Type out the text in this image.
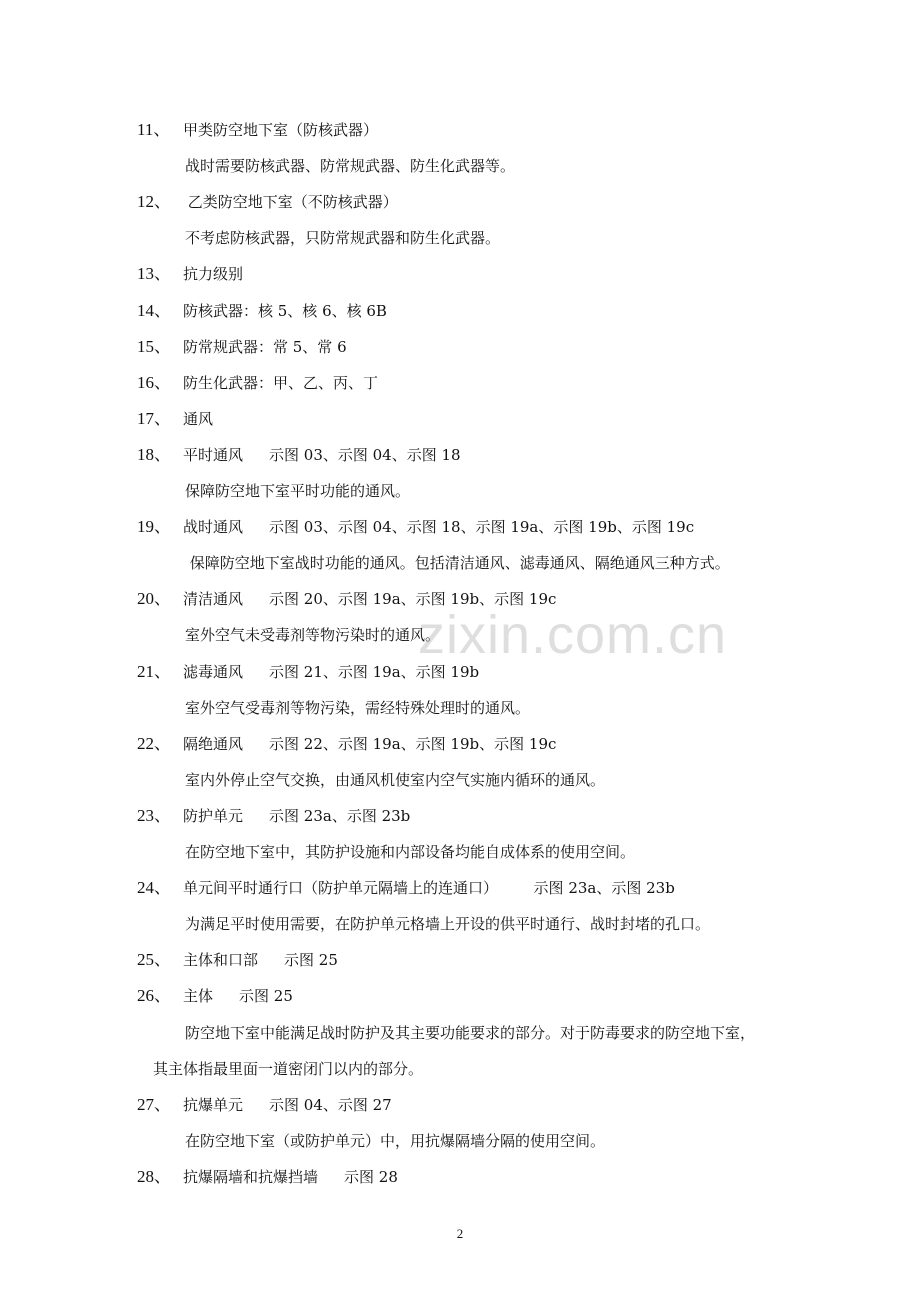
11、 甲类防空地下室（防核武器）
战时需要防核武器、防常规武器、防生化武器等。
12、 乙类防空地下室（不防核武器）
不考虑防核武器，只防常规武器和防生化武器。
13、 抗力级别
14、 防核武器：核 5、核 6、核 6B
15、 防常规武器：常 5、常 6
16、 防生化武器：甲、乙、丙、丁
17、 通风
18、 平时通风 示图 03、示图 04、示图 18
保障防空地下室平时功能的通风。
19、 战时通风 示图 03、示图 04、示图 18、示图 19a、示图 19b、示图 19c
保障防空地下室战时功能的通风。包括清洁通风、滤毒通风、隔绝通风三种方式。
20、 清洁通风 示图 20、示图 19a、示图 19b、示图 19c
室外空气未受毒剂等物污染时的通风。
21、 滤毒通风 示图 21、示图 19a、示图 19b
室外空气受毒剂等物污染，需经特殊处理时的通风。
22、 隔绝通风 示图 22、示图 19a、示图 19b、示图 19c
室内外停止空气交换，由通风机使室内空气实施内循环的通风。
23、 防护单元 示图 23a、示图 23b
在防空地下室中，其防护设施和内部设备均能自成体系的使用空间。
24、 单元间平时通行口（防护单元隔墙上的连通口）  示图 23a、示图 23b
为满足平时使用需要，在防护单元格墙上开设的供平时通行、战时封堵的孔口。
25、 主体和口部 示图 25
26、 主体 示图 25
防空地下室中能满足战时防护及其主要功能要求的部分。对于防毒要求的防空地下室，
其主体指最里面一道密闭门以内的部分。
27、 抗爆单元 示图 04、示图 27
在防空地下室（或防护单元）中，用抗爆隔墙分隔的使用空间。
28、 抗爆隔墙和抗爆挡墙 示图 28
zixin.com.cn
2
